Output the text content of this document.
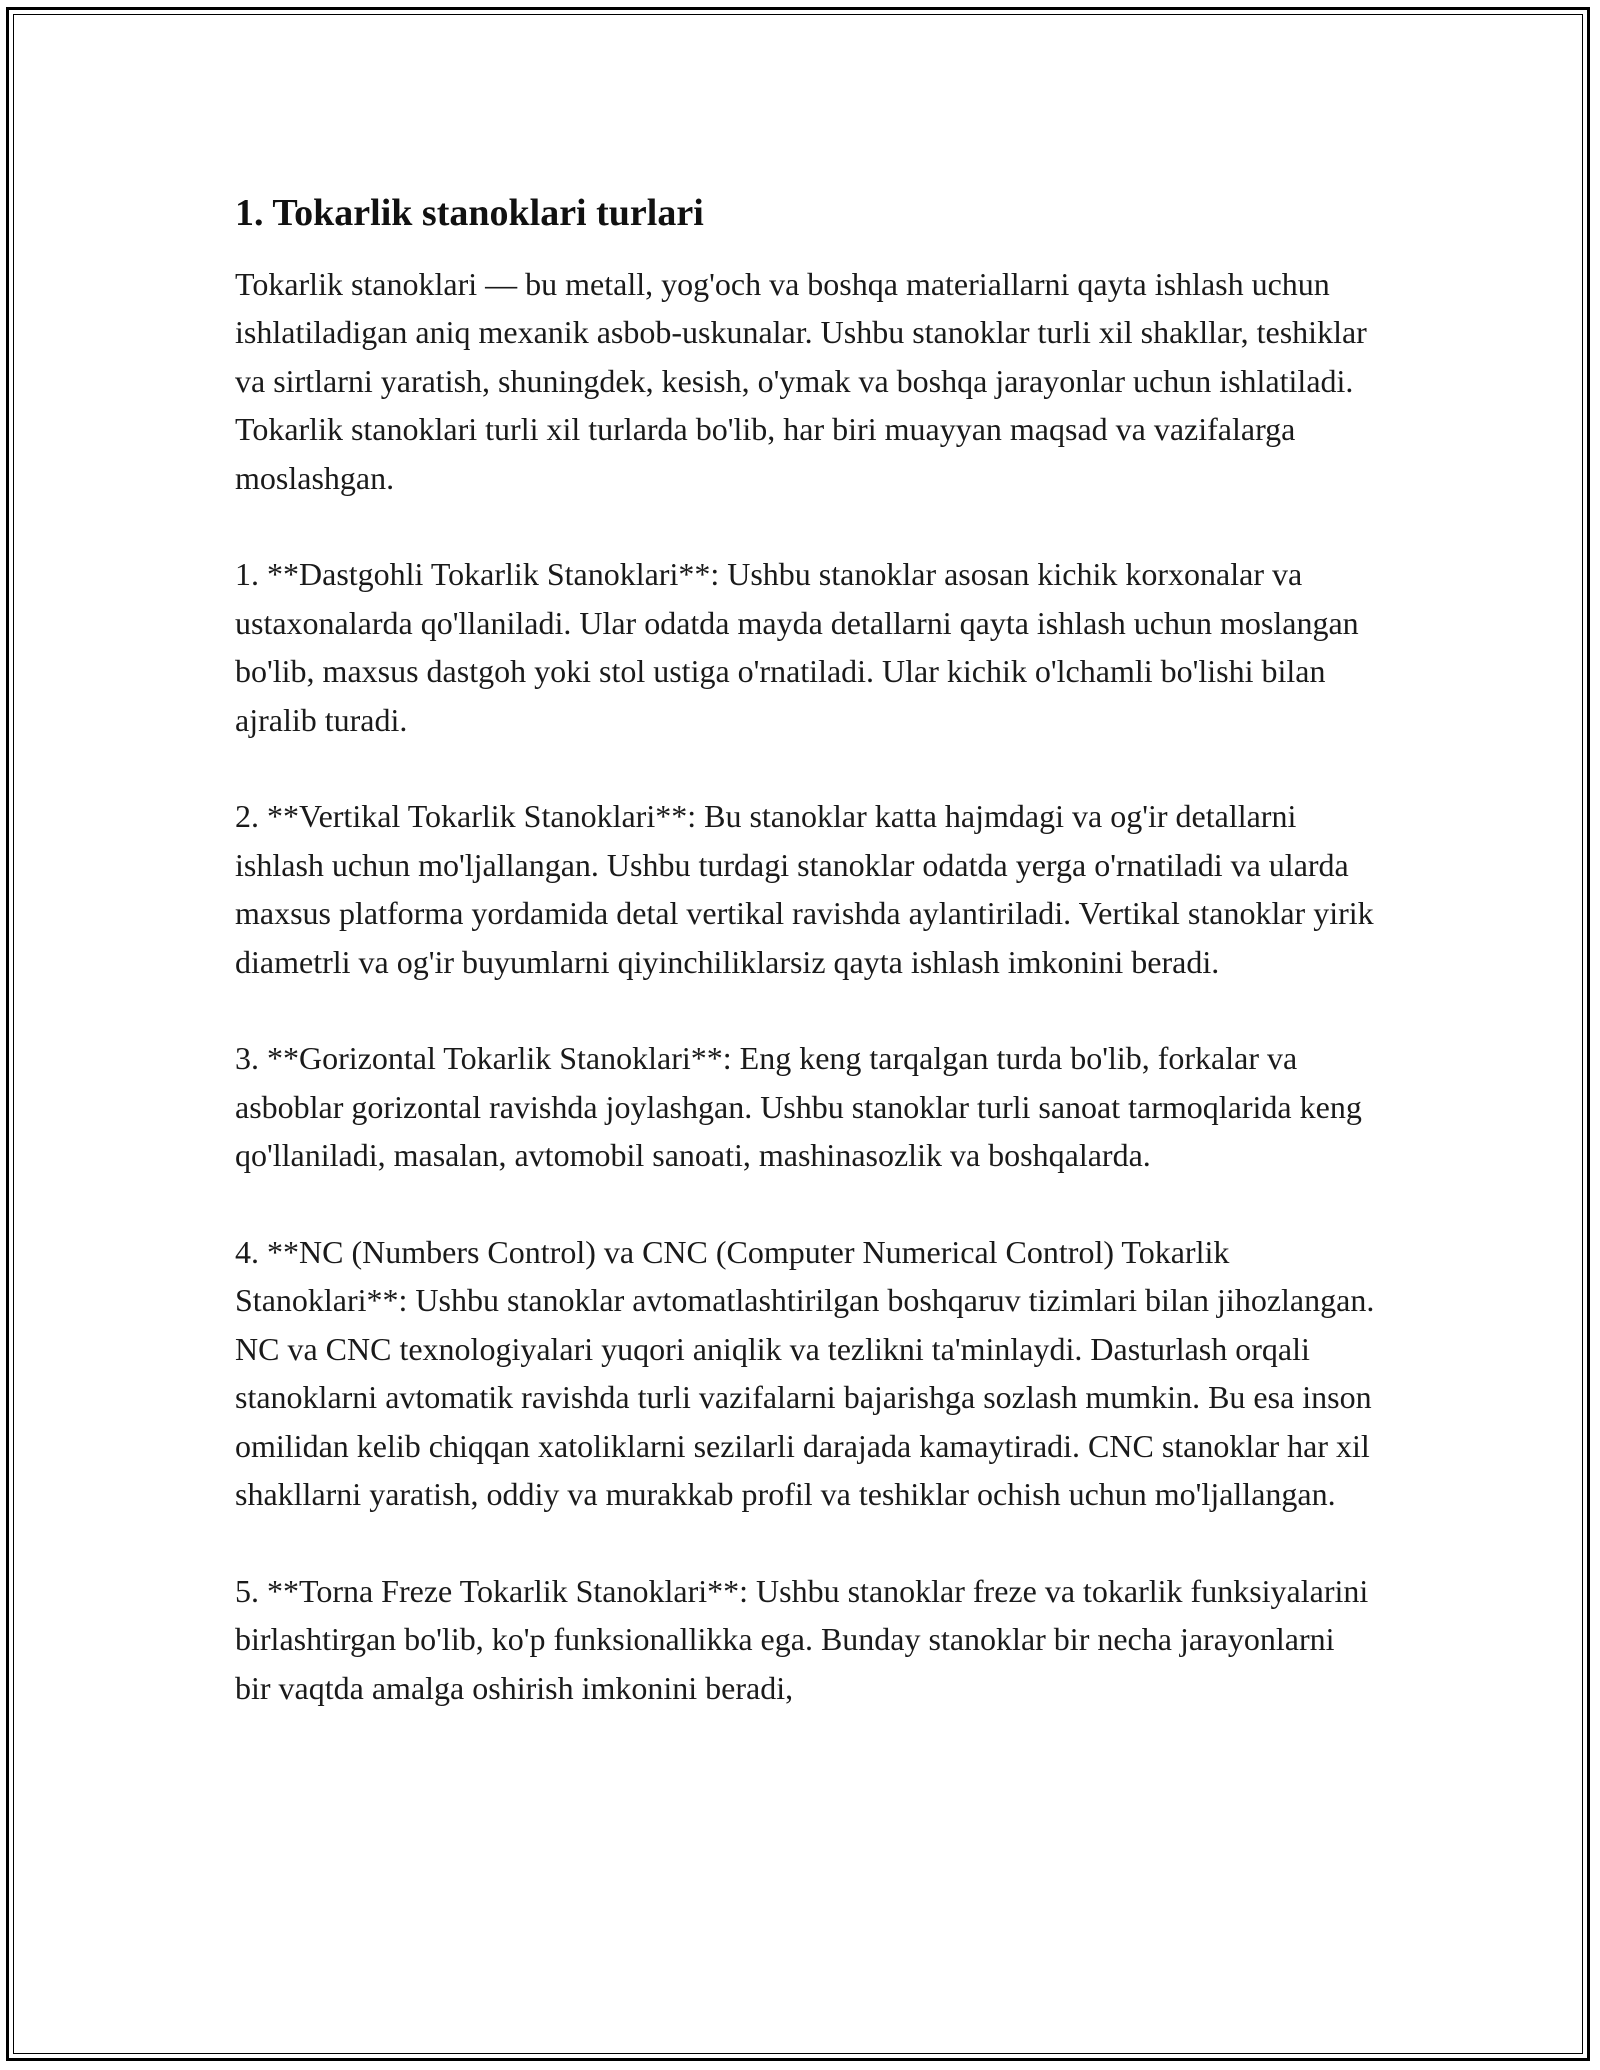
1. Tokarlik stanoklari turlari

Tokarlik stanoklari — bu metall, yog'och va boshqa materiallarni qayta ishlash uchun ishlatiladigan aniq mexanik asbob-uskunalar. Ushbu stanoklar turli xil shakllar, teshiklar va sirtlarni yaratish, shuningdek, kesish, o'ymak va boshqa jarayonlar uchun ishlatiladi. Tokarlik stanoklari turli xil turlarda bo'lib, har biri muayyan maqsad va vazifalarga moslashgan.

1. **Dastgohli Tokarlik Stanoklari**: Ushbu stanoklar asosan kichik korxonalar va ustaxonalarda qo'llaniladi. Ular odatda mayda detallarni qayta ishlash uchun moslangan bo'lib, maxsus dastgoh yoki stol ustiga o'rnatiladi. Ular kichik o'lchamli bo'lishi bilan ajralib turadi.

2. **Vertikal Tokarlik Stanoklari**: Bu stanoklar katta hajmdagi va og'ir detallarni ishlash uchun mo'ljallangan. Ushbu turdagi stanoklar odatda yerga o'rnatiladi va ularda maxsus platforma yordamida detal vertikal ravishda aylantiriladi. Vertikal stanoklar yirik diametrli va og'ir buyumlarni qiyinchiliklarsiz qayta ishlash imkonini beradi.

3. **Gorizontal Tokarlik Stanoklari**: Eng keng tarqalgan turda bo'lib, forkalar va asboblar gorizontal ravishda joylashgan. Ushbu stanoklar turli sanoat tarmoqlarida keng qo'llaniladi, masalan, avtomobil sanoati, mashinasozlik va boshqalarda.

4. **NC (Numbers Control) va CNC (Computer Numerical Control) Tokarlik Stanoklari**: Ushbu stanoklar avtomatlashtirilgan boshqaruv tizimlari bilan jihozlangan. NC va CNC texnologiyalari yuqori aniqlik va tezlikni ta'minlaydi. Dasturlash orqali stanoklarni avtomatik ravishda turli vazifalarni bajarishga sozlash mumkin. Bu esa inson omilidan kelib chiqqan xatoliklarni sezilarli darajada kamaytiradi. CNC stanoklar har xil shakllarni yaratish, oddiy va murakkab profil va teshiklar ochish uchun mo'ljallangan.

5. **Torna Freze Tokarlik Stanoklari**: Ushbu stanoklar freze va tokarlik funksiyalarini birlashtirgan bo'lib, ko'p funksionallikka ega. Bunday stanoklar bir necha jarayonlarni bir vaqtda amalga oshirish imkonini beradi,
